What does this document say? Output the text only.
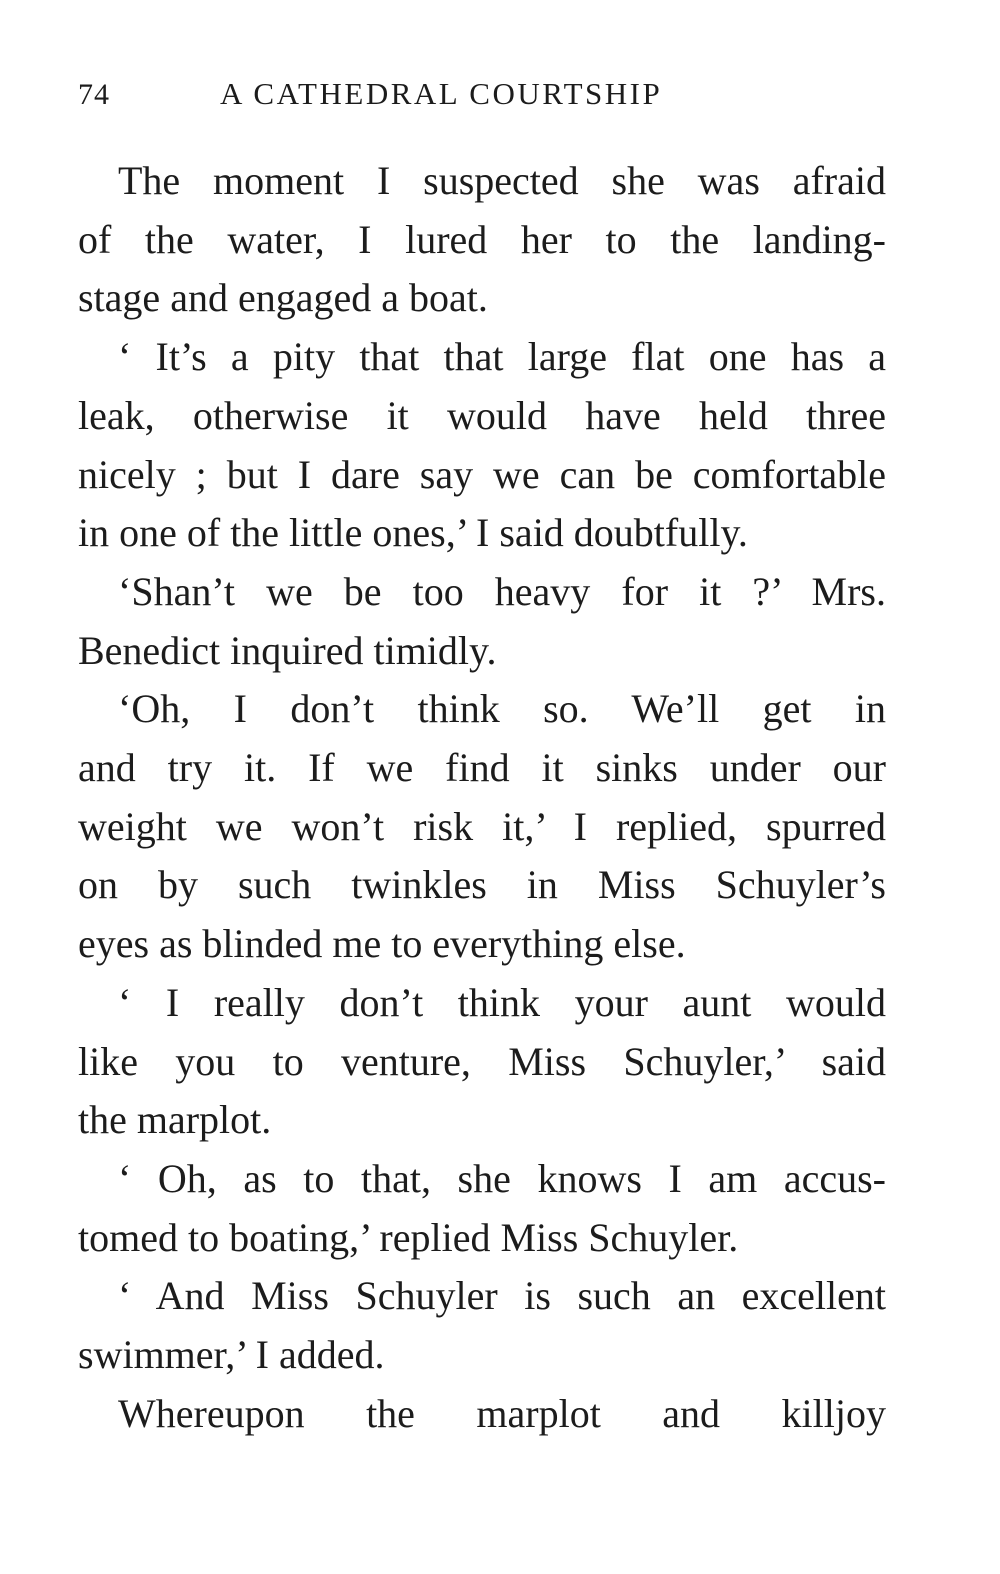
74	A CATHEDRAL COURTSHIP

The moment I suspected she was afraid

of the water, I lured her to the landing-

stage and engaged a boat.

‘ It’s a pity that that large flat one has a

leak, otherwise it would have held three

nicely ; but I dare say we can be comfortable

in one of the little ones,’ I said doubtfully.

‘Shan’t we be too heavy for it ?’ Mrs.

Benedict inquired timidly.

‘Oh, I don’t think so. We’ll get in

and try it. If we find it sinks under our

weight we won’t risk it,’ I replied, spurred

on by such twinkles in Miss Schuyler’s

eyes as blinded me to everything else.

‘ I really don’t think your aunt would

like you to venture, Miss Schuyler,’ said

the marplot.

‘ Oh, as to that, she knows I am accus-

tomed to boating,’ replied Miss Schuyler.

‘ And Miss Schuyler is such an excellent

swimmer,’ I added.

Whereupon the marplot and killjoy
